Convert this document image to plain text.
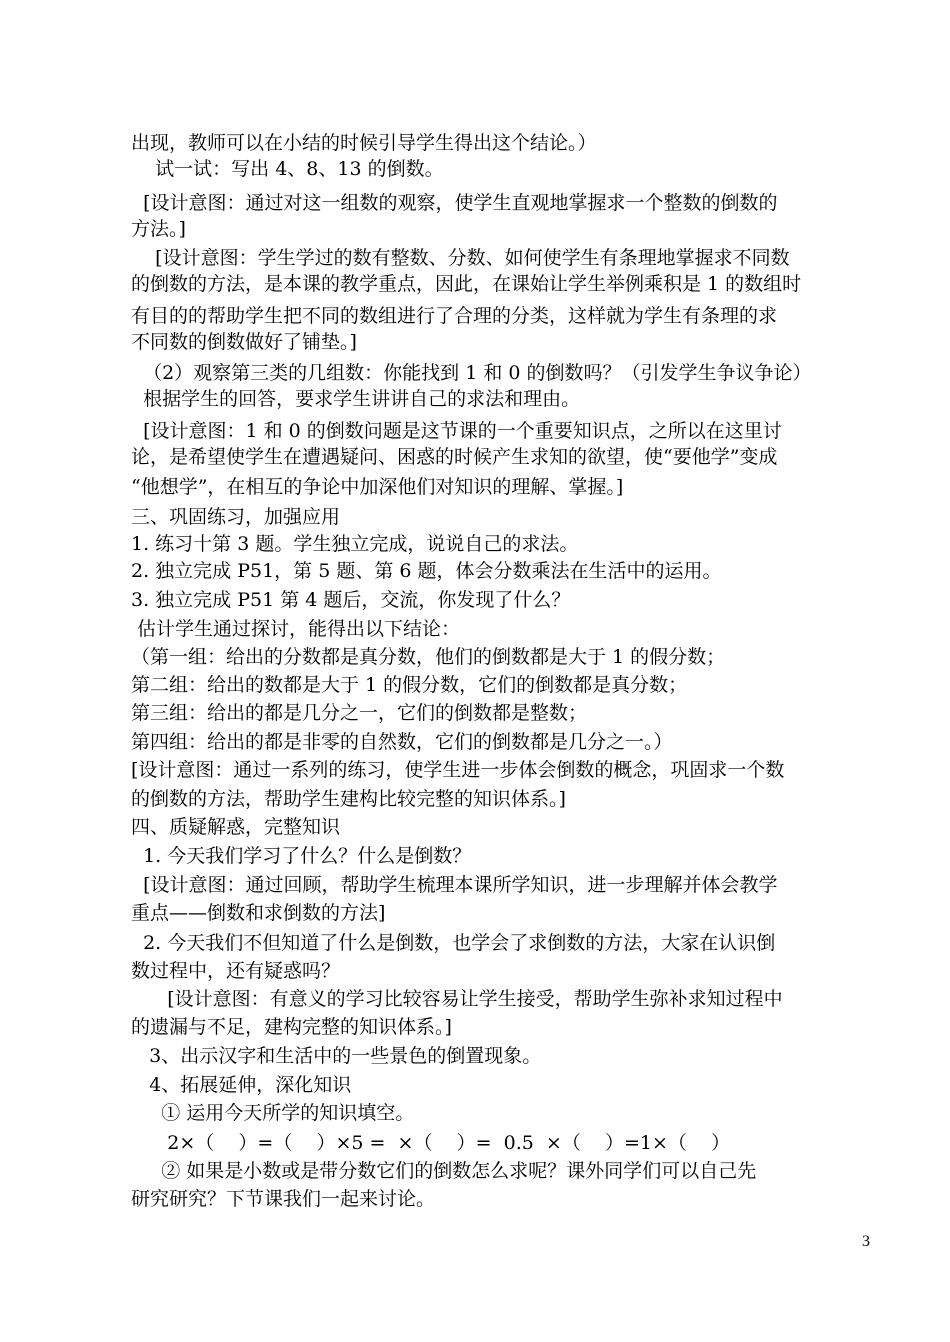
出现，教师可以在小结的时候引导学生得出这个结论。）
试一试：写出 4、8、13 的倒数。
[设计意图：通过对这一组数的观察，使学生直观地掌握求一个整数的倒数的
方法。]
[设计意图：学生学过的数有整数、分数、如何使学生有条理地掌握求不同数
的倒数的方法，是本课的教学重点，因此，在课始让学生举例乘积是 1 的数组时
有目的的帮助学生把不同的数组进行了合理的分类，这样就为学生有条理的求
不同数的倒数做好了铺垫。]
（2）观察第三类的几组数：你能找到 1 和 0 的倒数吗？（引发学生争议争论）
根据学生的回答，要求学生讲讲自己的求法和理由。
[设计意图：1 和 0 的倒数问题是这节课的一个重要知识点，之所以在这里讨
论，是希望使学生在遭遇疑问、困惑的时候产生求知的欲望，使“要他学”变成
“他想学”，在相互的争论中加深他们对知识的理解、掌握。]
三、巩固练习，加强应用
1. 练习十第 3 题。学生独立完成，说说自己的求法。
2. 独立完成 P51，第 5 题、第 6 题，体会分数乘法在生活中的运用。
3. 独立完成 P51 第 4 题后，交流，你发现了什么？
估计学生通过探讨，能得出以下结论：
（第一组：给出的分数都是真分数，他们的倒数都是大于 1 的假分数；
第二组：给出的数都是大于 1 的假分数，它们的倒数都是真分数；
第三组：给出的都是几分之一，它们的倒数都是整数；
第四组：给出的都是非零的自然数，它们的倒数都是几分之一。）
[设计意图：通过一系列的练习，使学生进一步体会倒数的概念，巩固求一个数
的倒数的方法，帮助学生建构比较完整的知识体系。]
四、质疑解惑，完整知识
1. 今天我们学习了什么？什么是倒数？
[设计意图：通过回顾，帮助学生梳理本课所学知识，进一步理解并体会教学
重点——倒数和求倒数的方法]
2. 今天我们不但知道了什么是倒数，也学会了求倒数的方法，大家在认识倒
数过程中，还有疑惑吗？
[设计意图：有意义的学习比较容易让学生接受，帮助学生弥补求知过程中
的遗漏与不足，建构完整的知识体系。]
3、出示汉字和生活中的一些景色的倒置现象。
4、拓展延伸，深化知识
① 运用今天所学的知识填空。
2×（    ）=（    ）×5 =  ×（    ）=  0.5  ×（    ）=1×（    ）
② 如果是小数或是带分数它们的倒数怎么求呢？课外同学们可以自己先
研究研究？下节课我们一起来讨论。
3
